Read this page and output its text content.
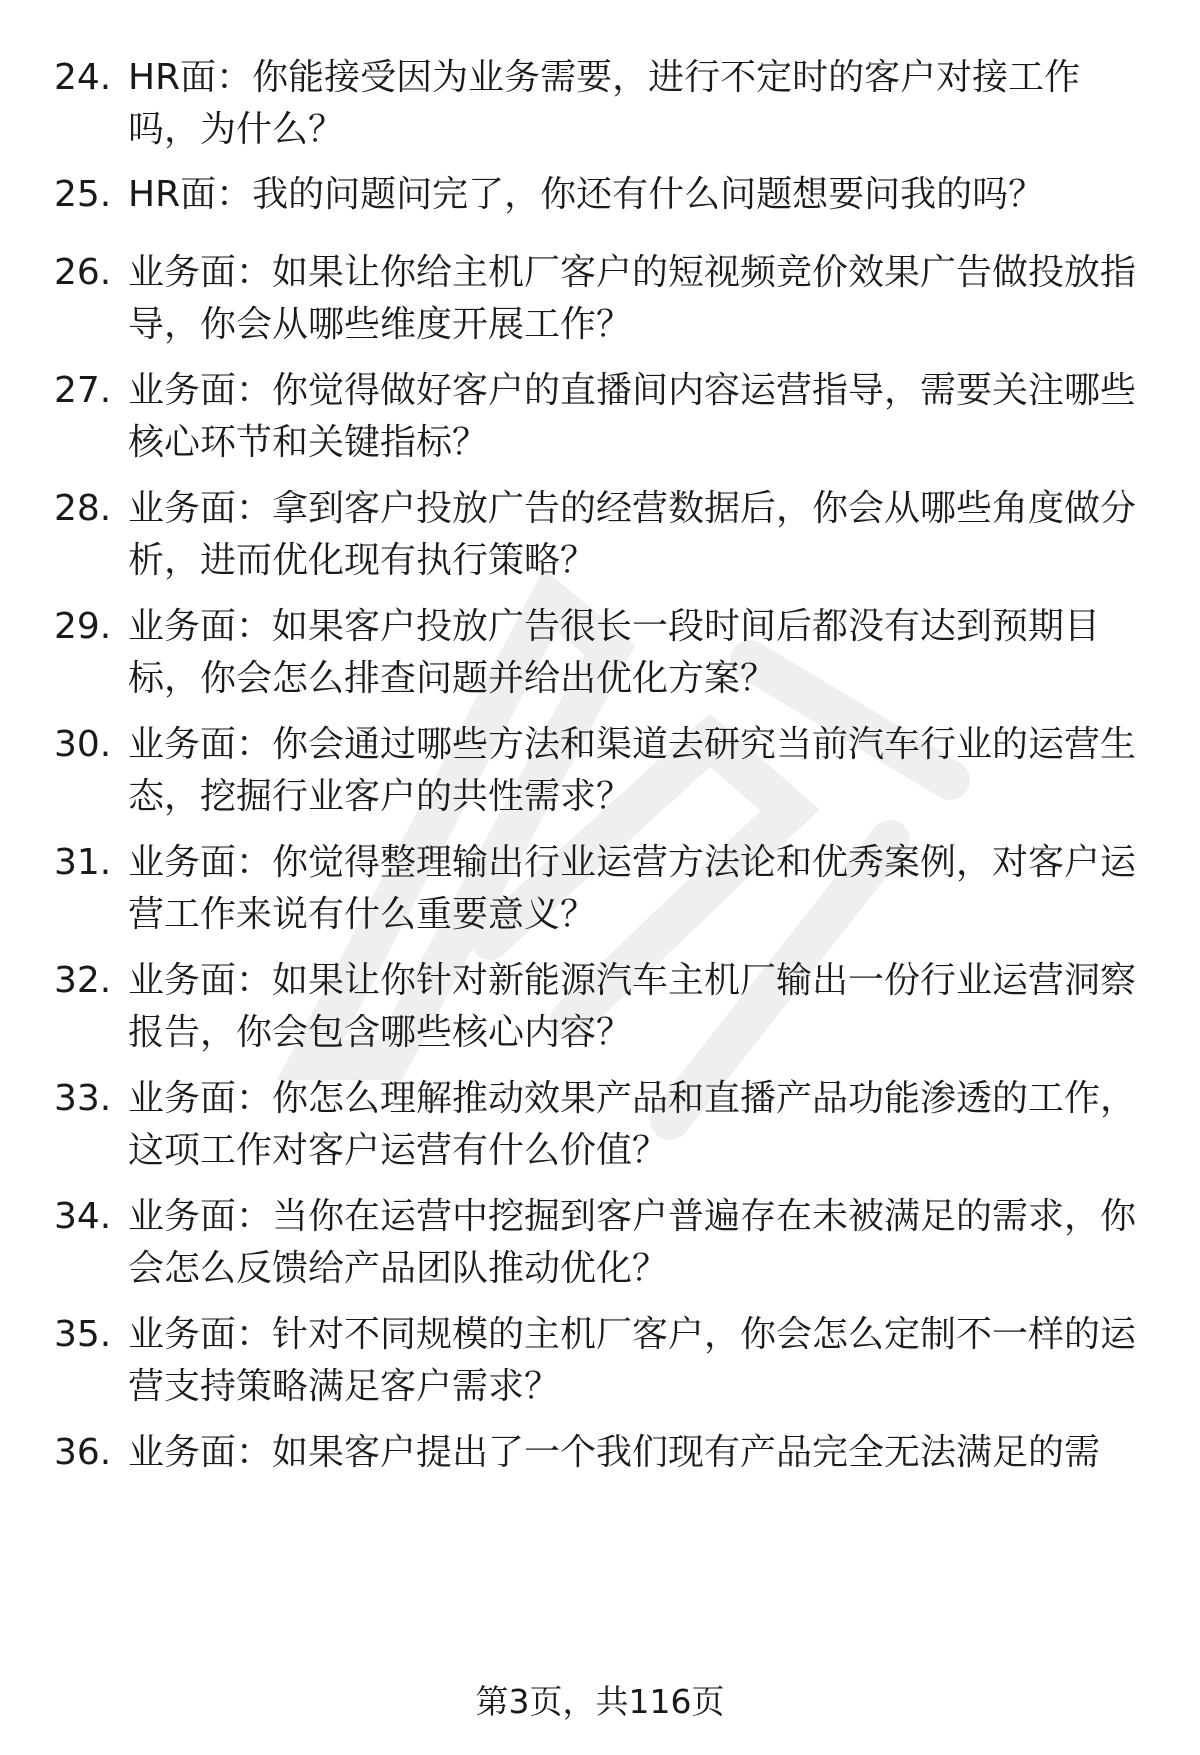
24. HR面：你能接受因为业务需要，进行不定时的客户对接工作吗，为什么？
25. HR面：我的问题问完了，你还有什么问题想要问我的吗？
26. 业务面：如果让你给主机厂客户的短视频竞价效果广告做投放指导，你会从哪些维度开展工作？
27. 业务面：你觉得做好客户的直播间内容运营指导，需要关注哪些核心环节和关键指标？
28. 业务面：拿到客户投放广告的经营数据后，你会从哪些角度做分析，进而优化现有执行策略？
29. 业务面：如果客户投放广告很长一段时间后都没有达到预期目标，你会怎么排查问题并给出优化方案？
30. 业务面：你会通过哪些方法和渠道去研究当前汽车行业的运营生态，挖掘行业客户的共性需求？
31. 业务面：你觉得整理输出行业运营方法论和优秀案例，对客户运营工作来说有什么重要意义？
32. 业务面：如果让你针对新能源汽车主机厂输出一份行业运营洞察报告，你会包含哪些核心内容？
33. 业务面：你怎么理解推动效果产品和直播产品功能渗透的工作，这项工作对客户运营有什么价值？
34. 业务面：当你在运营中挖掘到客户普遍存在未被满足的需求，你会怎么反馈给产品团队推动优化？
35. 业务面：针对不同规模的主机厂客户，你会怎么定制不一样的运营支持策略满足客户需求？
36. 业务面：如果客户提出了一个我们现有产品完全无法满足的需
第3页，共116页
